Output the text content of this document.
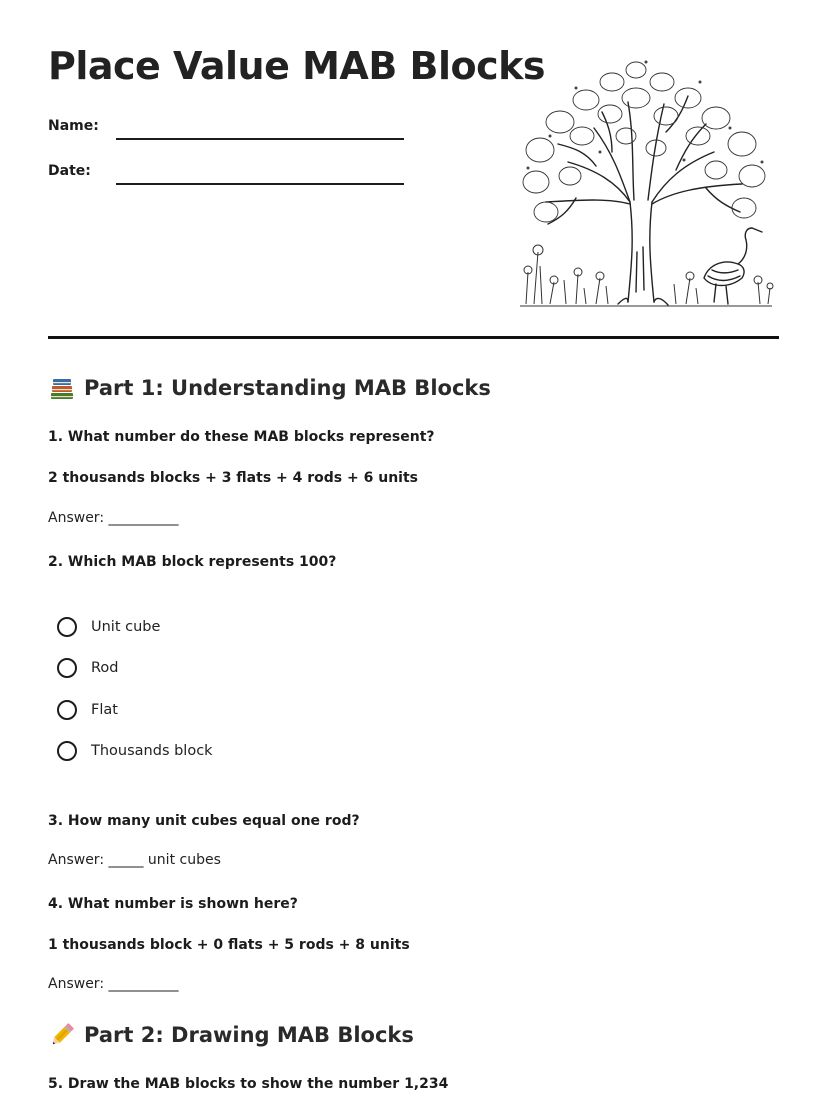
Place Value MAB Blocks
Name:
Date:
Part 1: Understanding MAB Blocks

1. What number do these MAB blocks represent?

2 thousands blocks + 3 flats + 4 rods + 6 units

Answer: __________

2. Which MAB block represents 100?

Unit cube
Rod
Flat
Thousands block

3. How many unit cubes equal one rod?

Answer: _____ unit cubes

4. What number is shown here?

1 thousands block + 0 flats + 5 rods + 8 units

Answer: __________

Part 2: Drawing MAB Blocks

5. Draw the MAB blocks to show the number 1,234
